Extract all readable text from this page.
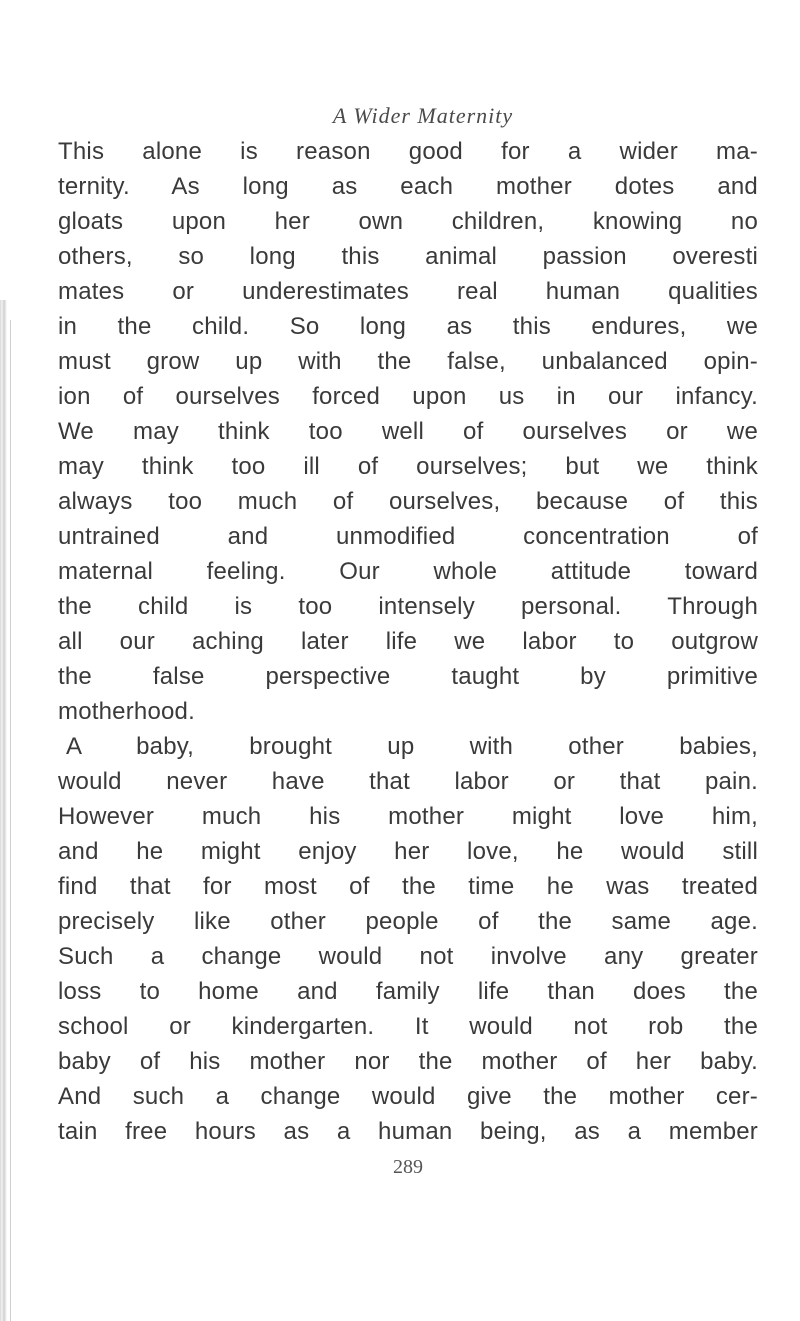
A Wider Maternity
This alone is reason good for a wider ma-
ternity. As long as each mother dotes and
gloats upon her own children, knowing no
others, so long this animal passion overesti
mates or underestimates real human qualities
in the child. So long as this endures, we
must grow up with the false, unbalanced opin-
ion of ourselves forced upon us in our infancy.
We may think too well of ourselves or we
may think too ill of ourselves; but we think
always too much of ourselves, because of this
untrained and unmodified concentration of
maternal feeling. Our whole attitude toward
the child is too intensely personal. Through
all our aching later life we labor to outgrow
the false perspective taught by primitive
motherhood.
A baby, brought up with other babies,
would never have that labor or that pain.
However much his mother might love him,
and he might enjoy her love, he would still
find that for most of the time he was treated
precisely like other people of the same age.
Such a change would not involve any greater
loss to home and family life than does the
school or kindergarten. It would not rob the
baby of his mother nor the mother of her baby.
And such a change would give the mother cer-
tain free hours as a human being, as a member
289
